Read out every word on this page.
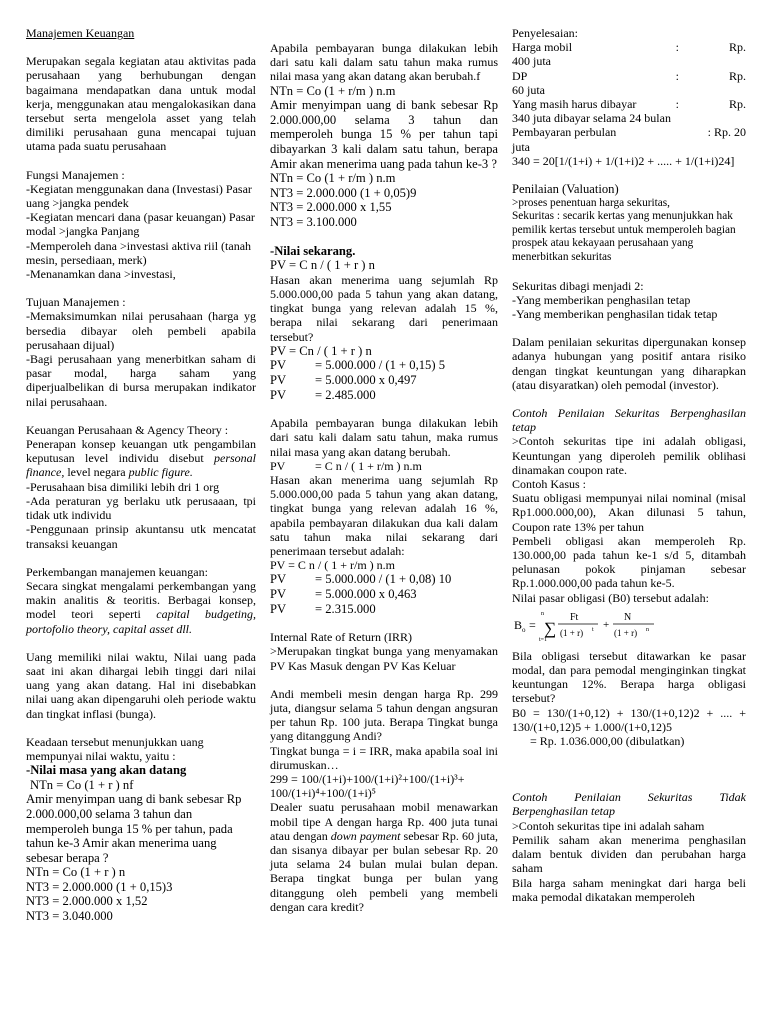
Manajemen Keuangan
Merupakan segala kegiatan atau aktivitas pada perusahaan yang berhubungan dengan bagaimana mendapatkan dana untuk modal kerja, menggunakan atau mengalokasikan dana tersebut serta mengelola asset yang telah dimiliki perusahaan guna mencapai tujuan utama pada suatu perusahaan
Fungsi Manajemen :
-Kegiatan menggunakan dana (Investasi) Pasar uang >jangka pendek
-Kegiatan mencari dana (pasar keuangan) Pasar modal >jangka Panjang
-Memperoleh dana >investasi aktiva riil (tanah mesin, persediaan, merk)
-Menanamkan dana >investasi,
Tujuan Manajemen :
-Memaksimumkan nilai perusahaan (harga yg bersedia dibayar oleh pembeli apabila perusahaan dijual)
-Bagi perusahaan yang menerbitkan saham di pasar modal, harga saham yang diperjualbelikan di bursa merupakan indikator nilai perusahaan.
Keuangan Perusahaan & Agency Theory :
Penerapan konsep keuangan utk pengambilan keputusan level individu disebut personal finance, level negara public figure.
-Perusahaan bisa dimiliki lebih dri 1 org
-Ada peraturan yg berlaku utk perusaaan, tpi tidak utk individu
-Penggunaan prinsip akuntansu utk mencatat transaksi keuangan
Perkembangan manajemen keuangan:
Secara singkat mengalami perkembangan yang makin analitis & teoritis. Berbagai konsep, model teori seperti capital budgeting, portofolio theory, capital asset dll.
Uang memiliki nilai waktu, Nilai uang pada saat ini akan dihargai lebih tinggi dari nilai uang yang akan datang. Hal ini disebabkan nilai uang akan dipengaruhi oleh periode waktu dan tingkat inflasi (bunga).
Keadaan tersebut menunjukkan uang mempunyai nilai waktu, yaitu :
-Nilai masa yang akan datang
NTn = Co (1 + r ) nf
Amir menyimpan uang di bank sebesar Rp 2.000.000,00 selama 3 tahun dan memperoleh bunga 15 % per tahun, pada tahun ke-3 Amir akan menerima uang sebesar berapa ?
NTn = Co (1 + r ) n
NT3 = 2.000.000 (1 + 0,15)3
NT3 = 2.000.000 x 1,52
NT3 = 3.040.000
Apabila pembayaran bunga dilakukan lebih dari satu kali dalam satu tahun maka rumus nilai masa yang akan datang akan berubah.f
NTn = Co (1 + r/m ) n.m
Amir menyimpan uang di bank sebesar Rp 2.000.000,00 selama 3 tahun dan memperoleh bunga 15 % per tahun tapi dibayarkan 3 kali dalam satu tahun, berapa Amir akan menerima uang pada tahun ke-3 ?
NTn = Co (1 + r/m ) n.m
NT3 = 2.000.000 (1 + 0,05)9
NT3 = 2.000.000 x 1,55
NT3 = 3.100.000
-Nilai sekarang.
PV = C n / ( 1 + r ) n
Hasan akan menerima uang sejumlah Rp 5.000.000,00 pada 5 tahun yang akan datang, tingkat bunga yang relevan adalah 15 %, berapa nilai sekarang dari penerimaan tersebut?
PV = Cn / ( 1 + r ) n
PV	= 5.000.000 / (1 + 0,15) 5
PV	= 5.000.000 x 0,497
PV	= 2.485.000
Apabila pembayaran bunga dilakukan lebih dari satu kali dalam satu tahun, maka rumus nilai masa yang akan datang berubah.
PV	= C n / ( 1 + r/m ) n.m
Hasan akan menerima uang sejumlah Rp 5.000.000,00 pada 5 tahun yang akan datang, tingkat bunga yang relevan adalah 16 %, apabila pembayaran dilakukan dua kali dalam satu tahun maka nilai sekarang dari penerimaan tersebut adalah:
PV = C n / ( 1 + r/m ) n.m
PV	= 5.000.000 / (1 + 0,08) 10
PV	= 5.000.000 x 0,463
PV	= 2.315.000
Internal Rate of Return (IRR)
>Merupakan tingkat bunga yang menyamakan PV Kas Masuk dengan PV Kas Keluar
Andi membeli mesin dengan harga Rp. 299 juta, diangsur selama 5 tahun dengan angsuran per tahun Rp. 100 juta. Berapa Tingkat bunga yang ditanggung Andi?
Tingkat bunga = i = IRR, maka apabila soal ini dirumuskan…
299 = 100/(1+i)+100/(1+i)²+100/(1+i)³+
100/(1+i)⁴+100/(1+i)⁵
Dealer suatu perusahaan mobil menawarkan mobil tipe A dengan harga Rp. 400 juta tunai atau dengan down payment sebesar Rp. 60 juta, dan sisanya dibayar per bulan sebesar Rp. 20 juta selama 24 bulan mulai bulan depan. Berapa tingkat bunga per bulan yang ditanggung oleh pembeli yang membeli dengan cara kredit?
Penyelesaian:
Harga mobil	:	Rp.
400 juta
DP	:	Rp.
60 juta
Yang masih harus dibayar	:	Rp.
340 juta dibayar selama 24 bulan
Pembayaran perbulan	: Rp. 20
juta
340 = 20[1/(1+i) + 1/(1+i)2 + ..... + 1/(1+i)24]
Penilaian (Valuation)
>proses penentuan harga sekuritas,
Sekuritas : secarik kertas yang menunjukkan hak pemilik kertas tersebut untuk memperoleh bagian prospek atau kekayaan perusahaan yang menerbitkan sekuritas
Sekuritas dibagi menjadi 2:
-Yang memberikan penghasilan tetap
-Yang memberikan penghasilan tidak tetap
Dalam penilaian sekuritas dipergunakan konsep adanya hubungan yang positif antara risiko dengan tingkat keuntungan yang diharapkan (atau disyaratkan) oleh pemodal (investor).
Contoh Penilaian Sekuritas Berpenghasilan tetap
>Contoh sekuritas tipe ini adalah obligasi, Keuntungan yang diperoleh pemilik oblihasi dinamakan coupon rate.
Contoh Kasus :
Suatu obligasi mempunyai nilai nominal (misal Rp1.000.000,00), Akan dilunasi 5 tahun, Coupon rate 13% per tahun
Pembeli obligasi akan memperoleh Rp. 130.000,00 pada tahun ke-1 s/d 5, ditambah pelunasan pokok pinjaman sebesar Rp.1.000.000,00 pada tahun ke-5.
Nilai pasar obligasi (B0) tersebut adalah:
B o =
n
∑
t=1
Ft
(1 + r) t +
N
(1 + r) n
Bila obligasi tersebut ditawarkan ke pasar modal, dan para pemodal menginginkan tingkat keuntungan 12%. Berapa harga obligasi tersebut?
B0 = 130/(1+0,12) + 130/(1+0,12)2 + .... + 130/(1+0,12)5 + 1.000/(1+0,12)5
= Rp. 1.036.000,00 (dibulatkan)
Contoh Penilaian Sekuritas Tidak Berpenghasilan tetap
>Contoh sekuritas tipe ini adalah saham
Pemilik saham akan menerima penghasilan dalam bentuk dividen dan perubahan harga saham
Bila harga saham meningkat dari harga beli maka pemodal dikatakan memperoleh
